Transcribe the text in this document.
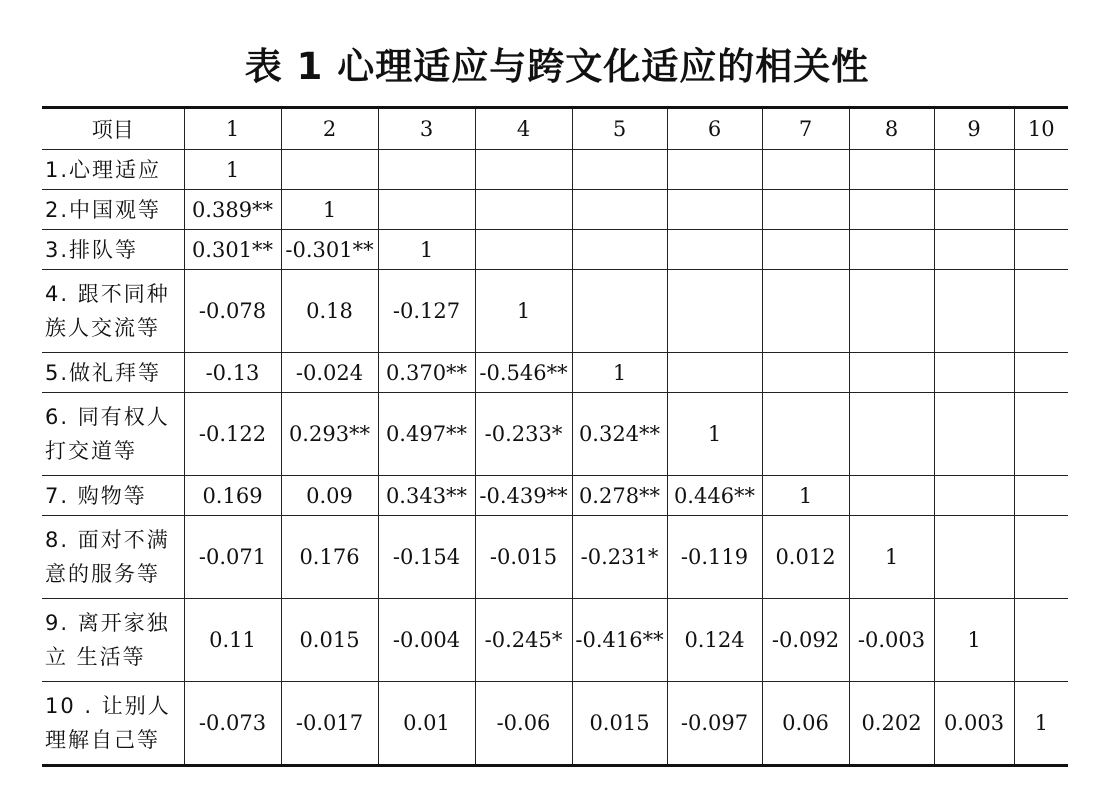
表 1 心理适应与跨文化适应的相关性
项目	1	2	3	4	5	6	7	8	9	10
1.心理适应	1									
2.中国观等	0.389**	1								
3.排队等	0.301**	-0.301**	1							
4. 跟不同种族人交流等	-0.078	0.18	-0.127	1						
5.做礼拜等	-0.13	-0.024	0.370**	-0.546**	1					
6. 同有权人打交道等	-0.122	0.293**	0.497**	-0.233*	0.324**	1				
7. 购物等	0.169	0.09	0.343**	-0.439**	0.278**	0.446**	1			
8. 面对不满意的服务等	-0.071	0.176	-0.154	-0.015	-0.231*	-0.119	0.012	1		
9. 离开家独立 生活等	0.11	0.015	-0.004	-0.245*	-0.416**	0.124	-0.092	-0.003	1	
10 . 让别人理解自己等	-0.073	-0.017	0.01	-0.06	0.015	-0.097	0.06	0.202	0.003	1
